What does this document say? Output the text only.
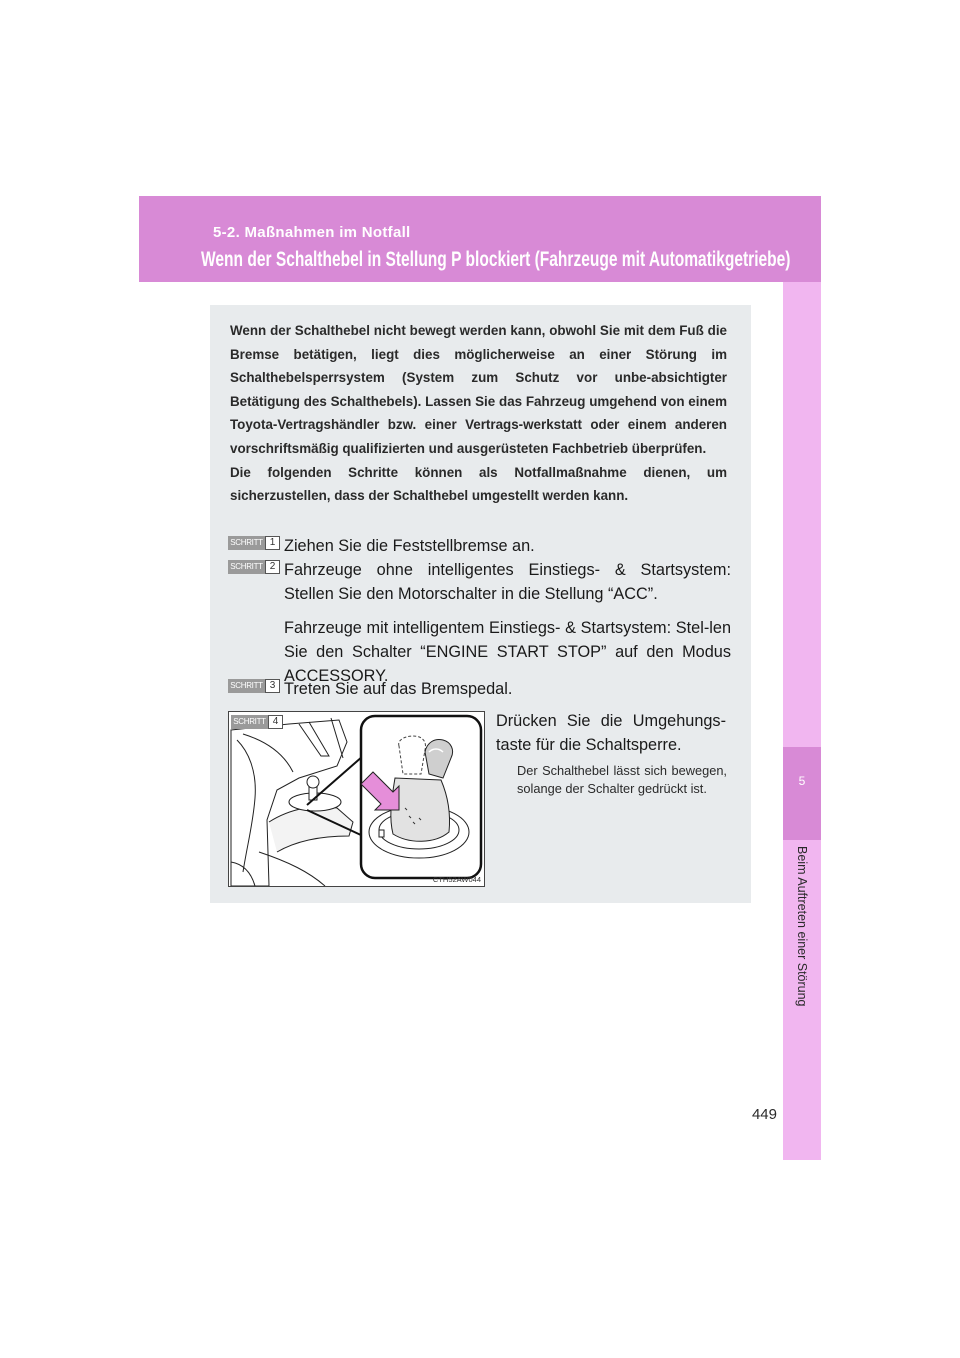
5-2. Maßnahmen im Notfall
Wenn der Schalthebel in Stellung P blockiert (Fahrzeuge mit Automatikgetriebe)
5
Beim Auftreten einer Störung
449

Wenn der Schalthebel nicht bewegt werden kann, obwohl Sie mit dem Fuß die Bremse betätigen, liegt dies möglicherweise an einer Störung im Schalthebelsperrsystem (System zum Schutz vor unbe-absichtigter Betätigung des Schalthebels). Lassen Sie das Fahrzeug umgehend von einem Toyota-Vertragshändler bzw. einer Vertrags-werkstatt oder einem anderen vorschriftsmäßig qualifizierten und ausgerüsteten Fachbetrieb überprüfen.

Die folgenden Schritte können als Notfallmaßnahme dienen, um sicherzustellen, dass der Schalthebel umgestellt werden kann.

SCHRITT 1 Ziehen Sie die Feststellbremse an.
SCHRITT 2 Fahrzeuge ohne intelligentes Einstiegs- & Startsystem: Stellen Sie den Motorschalter in die Stellung “ACC”.

Fahrzeuge mit intelligentem Einstiegs- & Startsystem: Stel-len Sie den Schalter “ENGINE START STOP” auf den Modus ACCESSORY.

SCHRITT 3 Treten Sie auf das Bremspedal.
SCHRITT 4
CTH52AW044
Drücken Sie die Umgehungs-taste für die Schaltsperre.
Der Schalthebel lässt sich bewegen, solange der Schalter gedrückt ist.
